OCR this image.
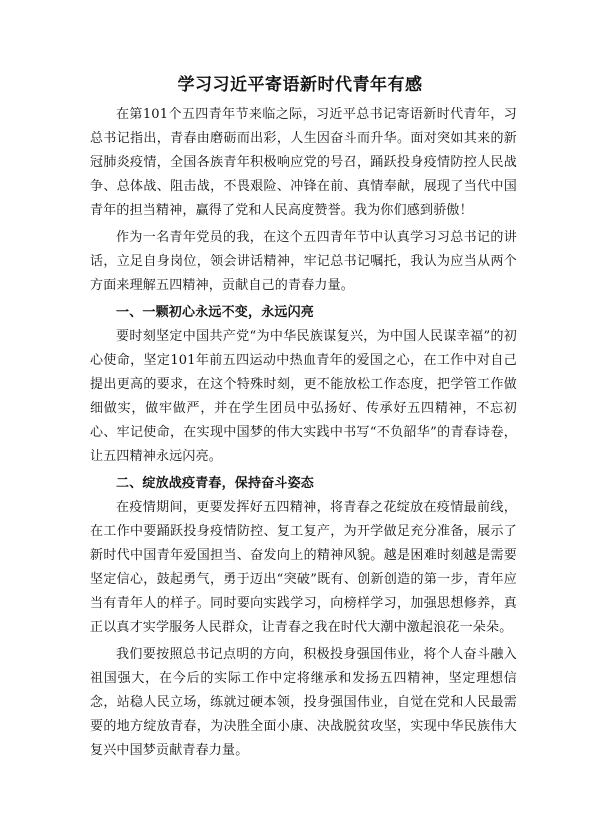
学习习近平寄语新时代青年有感

在第101个五四青年节来临之际，习近平总书记寄语新时代青年，习总书记指出，青春由磨砺而出彩，人生因奋斗而升华。面对突如其来的新冠肺炎疫情，全国各族青年积极响应党的号召，踊跃投身疫情防控人民战争、总体战、阻击战，不畏艰险、冲锋在前、真情奉献，展现了当代中国青年的担当精神，赢得了党和人民高度赞誉。我为你们感到骄傲！

作为一名青年党员的我，在这个五四青年节中认真学习习总书记的讲话，立足自身岗位，领会讲话精神，牢记总书记嘱托，我认为应当从两个方面来理解五四精神，贡献自己的青春力量。

一、一颗初心永远不变，永远闪亮

要时刻坚定中国共产党“为中华民族谋复兴，为中国人民谋幸福”的初心使命，坚定101年前五四运动中热血青年的爱国之心，在工作中对自己提出更高的要求，在这个特殊时刻，更不能放松工作态度，把学管工作做细做实，做牢做严，并在学生团员中弘扬好、传承好五四精神，不忘初心、牢记使命，在实现中国梦的伟大实践中书写“不负韶华”的青春诗卷，让五四精神永远闪亮。

二、绽放战疫青春，保持奋斗姿态

在疫情期间，更要发挥好五四精神，将青春之花绽放在疫情最前线，在工作中要踊跃投身疫情防控、复工复产，为开学做足充分准备，展示了新时代中国青年爱国担当、奋发向上的精神风貌。越是困难时刻越是需要坚定信心，鼓起勇气，勇于迈出“突破”既有、创新创造的第一步，青年应当有青年人的样子。同时要向实践学习，向榜样学习，加强思想修养，真正以真才实学服务人民群众，让青春之我在时代大潮中激起浪花一朵朵。

我们要按照总书记点明的方向，积极投身强国伟业，将个人奋斗融入祖国强大，在今后的实际工作中定将继承和发扬五四精神，坚定理想信念，站稳人民立场，练就过硬本领，投身强国伟业，自觉在党和人民最需要的地方绽放青春，为决胜全面小康、决战脱贫攻坚，实现中华民族伟大复兴中国梦贡献青春力量。
